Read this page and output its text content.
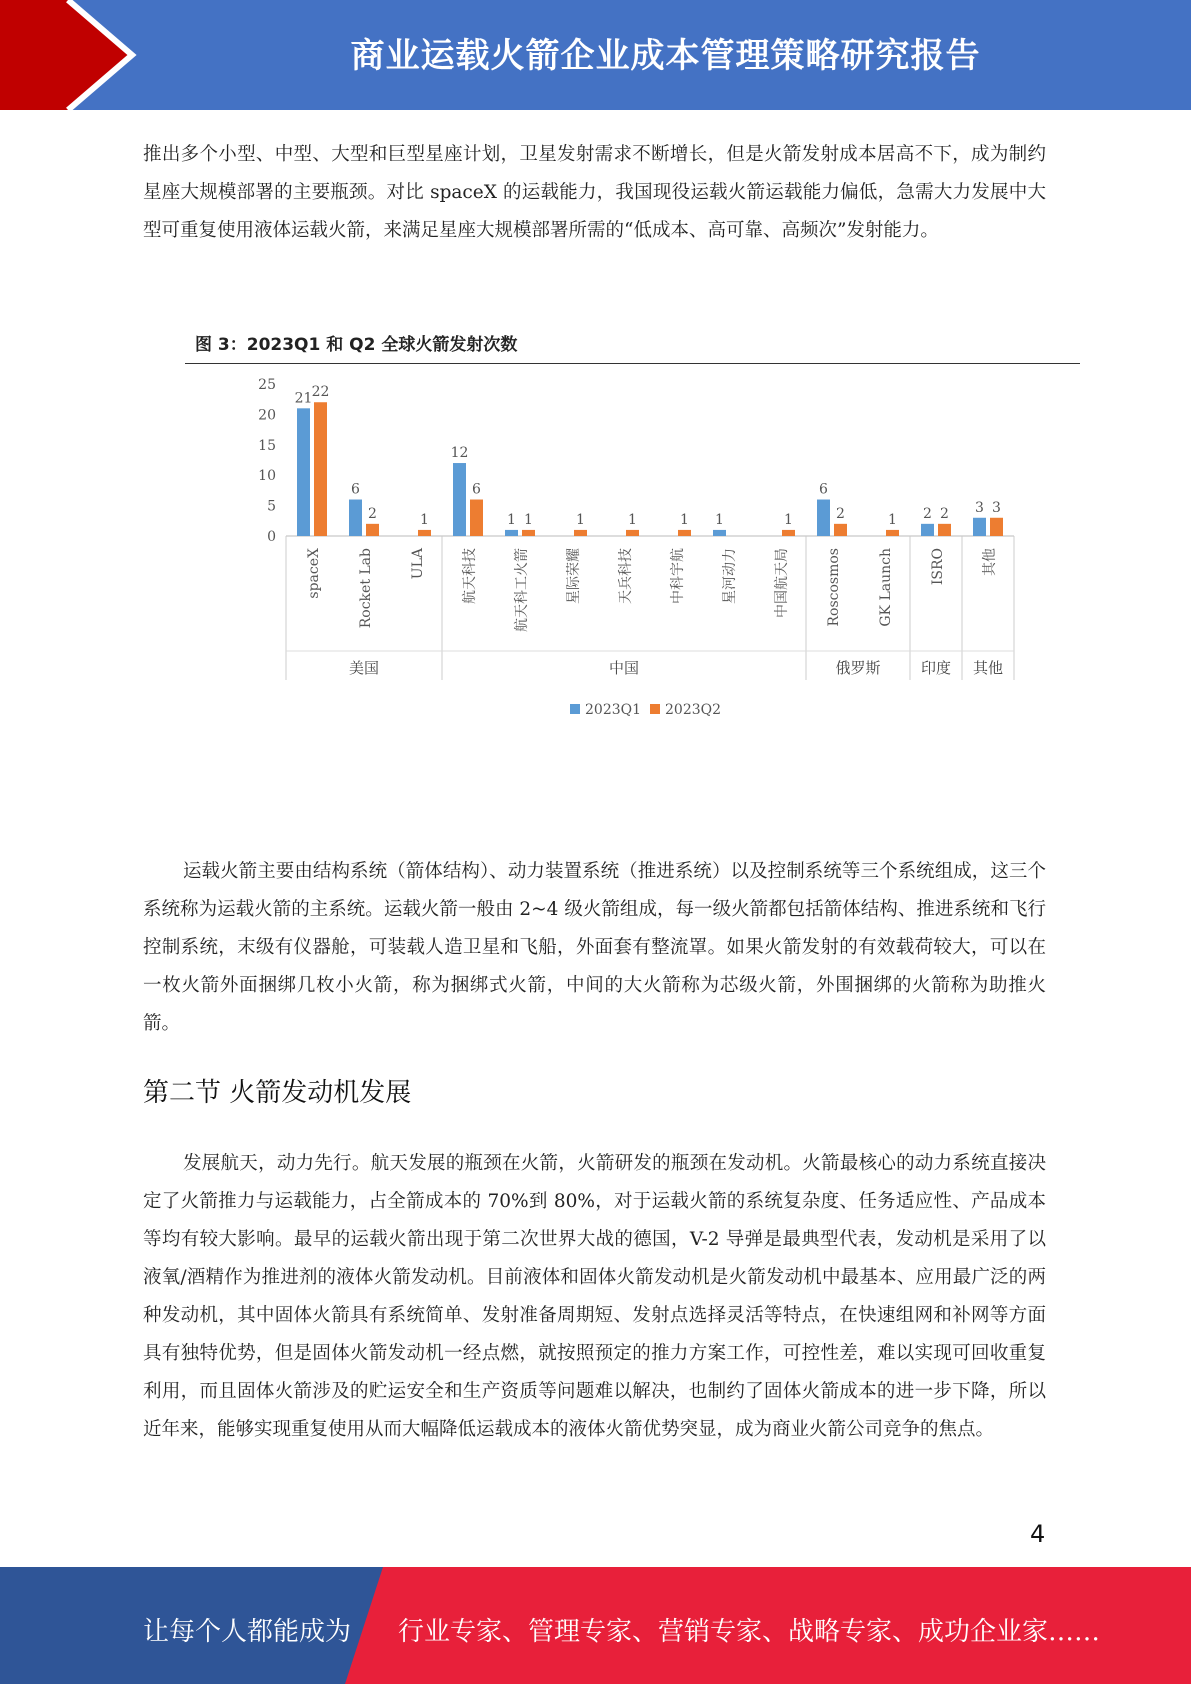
商业运载火箭企业成本管理策略研究报告

推出多个小型、中型、大型和巨型星座计划，卫星发射需求不断增长，但是火箭发射成本居高不下，成为制约星座大规模部署的主要瓶颈。对比 spaceX 的运载能力，我国现役运载火箭运载能力偏低，急需大力发展中大型可重复使用液体运载火箭，来满足星座大规模部署所需的“低成本、高可靠、高频次”发射能力。

0
5
10
15
20
25
21 22
spaceX
6
2
Rocket Lab
1
ULA
12
6
航天科技
1 1
航天科工火箭
1
星际荣耀
1
天兵科技
1
中科宇航
1
星河动力
1
中国航天局
6
2
Roscosmos
1
GK Launch
2 2
ISRO
3 3
其他
美国	中国	俄罗斯	印度 其他
2023Q1 2023Q2
图 3：2023Q1 和 Q2 全球火箭发射次数

运载火箭主要由结构系统（箭体结构）、动力装置系统（推进系统）以及控制系统等三个系统组成，这三个系统称为运载火箭的主系统。运载火箭一般由 2~4 级火箭组成，每一级火箭都包括箭体结构、推进系统和飞行控制系统，末级有仪器舱，可装载人造卫星和飞船，外面套有整流罩。如果火箭发射的有效载荷较大，可以在一枚火箭外面捆绑几枚小火箭，称为捆绑式火箭，中间的大火箭称为芯级火箭，外围捆绑的火箭称为助推火箭。

第二节 火箭发动机发展

发展航天，动力先行。航天发展的瓶颈在火箭，火箭研发的瓶颈在发动机。火箭最核心的动力系统直接决定了火箭推力与运载能力，占全箭成本的 70%到 80%，对于运载火箭的系统复杂度、任务适应性、产品成本等均有较大影响。最早的运载火箭出现于第二次世界大战的德国，V-2 导弹是最典型代表，发动机是采用了以液氧/酒精作为推进剂的液体火箭发动机。目前液体和固体火箭发动机是火箭发动机中最基本、应用最广泛的两种发动机，其中固体火箭具有系统简单、发射准备周期短、发射点选择灵活等特点，在快速组网和补网等方面具有独特优势，但是固体火箭发动机一经点燃，就按照预定的推力方案工作，可控性差，难以实现可回收重复利用，而且固体火箭涉及的贮运安全和生产资质等问题难以解决，也制约了固体火箭成本的进一步下降，所以近年来，能够实现重复使用从而大幅降低运载成本的液体火箭优势突显，成为商业火箭公司竞争的焦点。

4
让每个人都能成为 行业专家、管理专家、营销专家、战略专家、成功企业家……
